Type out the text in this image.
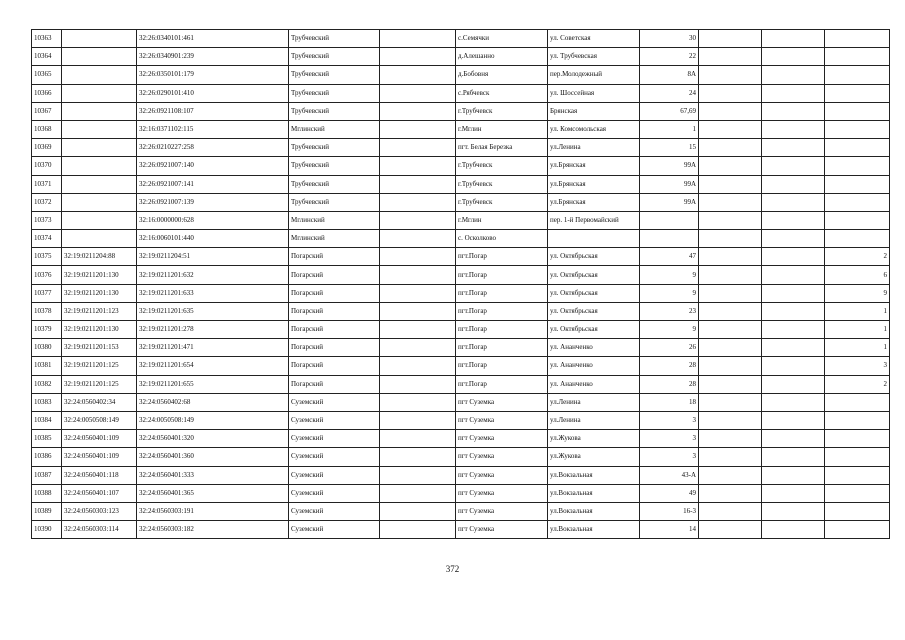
10363		32:26:0340101:461	Трубчевский		с.Семячки	ул. Советская	30			
10364		32:26:0340901:239	Трубчевский		д.Алешанно	ул. Трубчевская	22			
10365		32:26:0350101:179	Трубчевский		д.Бобовня	пер.Молодежный	8А			
10366		32:26:0290101:410	Трубчевский		с.Рябчевск	ул. Шоссейная	24			
10367		32:26:0921108:107	Трубчевский		г.Трубчевск	Брянская	67,69			
10368		32:16:0371102:115	Мглинский		г.Мглин	ул. Комсомольская	1			
10369		32:26:0210227:258	Трубчевский		пгт. Белая Березка	ул.Ленина	15			
10370		32:26:0921007:140	Трубчевский		г.Трубчевск	ул.Брянская	99А			
10371		32:26:0921007:141	Трубчевский		г.Трубчевск	ул.Брянская	99А			
10372		32:26:0921007:139	Трубчевский		г.Трубчевск	ул.Брянская	99А			
10373		32:16:0000000:628	Мглинский		г.Мглин	пер. 1-й Первомайский				
10374		32:16:0060101:440	Мглинский		с. Осколково					
10375	32:19:0211204:88	32:19:0211204:51	Погарский		пгт.Погар	ул. Октябрьская	47			2
10376	32:19:0211201:130	32:19:0211201:632	Погарский		пгт.Погар	ул. Октябрьская	9			6
10377	32:19:0211201:130	32:19:0211201:633	Погарский		пгт.Погар	ул. Октябрьская	9			9
10378	32:19:0211201:123	32:19:0211201:635	Погарский		пгт.Погар	ул. Октябрьская	23			1
10379	32:19:0211201:130	32:19:0211201:278	Погарский		пгт.Погар	ул. Октябрьская	9			1
10380	32:19:0211201:153	32:19:0211201:471	Погарский		пгт.Погар	ул. Ананченко	26			1
10381	32:19:0211201:125	32:19:0211201:654	Погарский		пгт.Погар	ул. Ананченко	28			3
10382	32:19:0211201:125	32:19:0211201:655	Погарский		пгт.Погар	ул. Ананченко	28			2
10383	32:24:0560402:34	32:24:0560402:68	Суземский		пгт Суземка	ул.Ленина	18			
10384	32:24:0050508:149	32:24:0050508:149	Суземский		пгт Суземка	ул.Ленина	3			
10385	32:24:0560401:109	32:24:0560401:320	Суземский		пгт Суземка	ул.Жукова	3			
10386	32:24:0560401:109	32:24:0560401:360	Суземский		пгт Суземка	ул.Жукова	3			
10387	32:24:0560401:118	32:24:0560401:333	Суземский		пгт Суземка	ул.Вокзальная	43-А			
10388	32:24:0560401:107	32:24:0560401:365	Суземский		пгт Суземка	ул.Вокзальная	49			
10389	32:24:0560303:123	32:24:0560303:191	Суземский		пгт Суземка	ул.Вокзальная	16-3			
10390	32:24:0560303:114	32:24:0560303:182	Суземский		пгт Суземка	ул.Вокзальная	14			
372
